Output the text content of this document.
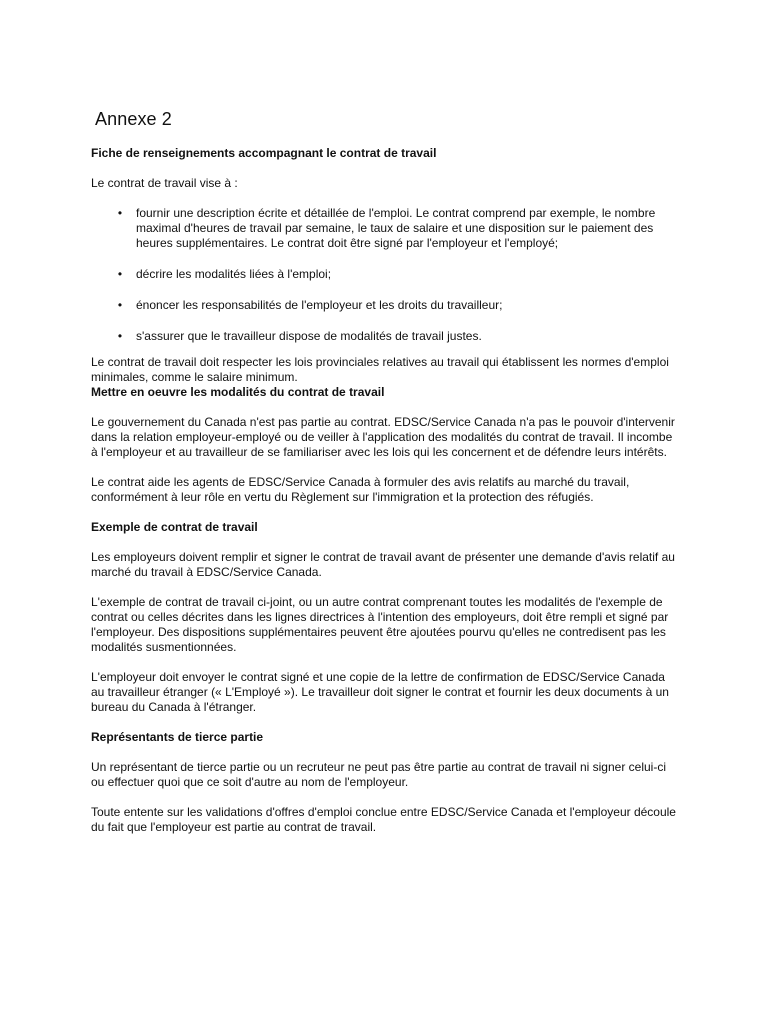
Annexe 2

Fiche de renseignements accompagnant le contrat de travail

Le contrat de travail vise à :

• fournir une description écrite et détaillée de l'emploi. Le contrat comprend par exemple, le nombre maximal d'heures de travail par semaine, le taux de salaire et une disposition sur le paiement des heures supplémentaires. Le contrat doit être signé par l'employeur et l'employé;
• décrire les modalités liées à l'emploi;
• énoncer les responsabilités de l'employeur et les droits du travailleur;
• s'assurer que le travailleur dispose de modalités de travail justes.

Le contrat de travail doit respecter les lois provinciales relatives au travail qui établissent les normes d'emploi minimales, comme le salaire minimum.

Mettre en oeuvre les modalités du contrat de travail

Le gouvernement du Canada n'est pas partie au contrat. EDSC/Service Canada n'a pas le pouvoir d'intervenir dans la relation employeur-employé ou de veiller à l'application des modalités du contrat de travail. Il incombe à l'employeur et au travailleur de se familiariser avec les lois qui les concernent et de défendre leurs intérêts.

Le contrat aide les agents de EDSC/Service Canada à formuler des avis relatifs au marché du travail, conformément à leur rôle en vertu du Règlement sur l'immigration et la protection des réfugiés.

Exemple de contrat de travail

Les employeurs doivent remplir et signer le contrat de travail avant de présenter une demande d'avis relatif au marché du travail à EDSC/Service Canada.

L'exemple de contrat de travail ci-joint, ou un autre contrat comprenant toutes les modalités de l'exemple de contrat ou celles décrites dans les lignes directrices à l'intention des employeurs, doit être rempli et signé par l'employeur. Des dispositions supplémentaires peuvent être ajoutées pourvu qu'elles ne contredisent pas les modalités susmentionnées.

L'employeur doit envoyer le contrat signé et une copie de la lettre de confirmation de EDSC/Service Canada au travailleur étranger (« L'Employé »). Le travailleur doit signer le contrat et fournir les deux documents à un bureau du Canada à l'étranger.

Représentants de tierce partie

Un représentant de tierce partie ou un recruteur ne peut pas être partie au contrat de travail ni signer celui-ci ou effectuer quoi que ce soit d'autre au nom de l'employeur.

Toute entente sur les validations d'offres d'emploi conclue entre EDSC/Service Canada et l'employeur découle du fait que l'employeur est partie au contrat de travail.
